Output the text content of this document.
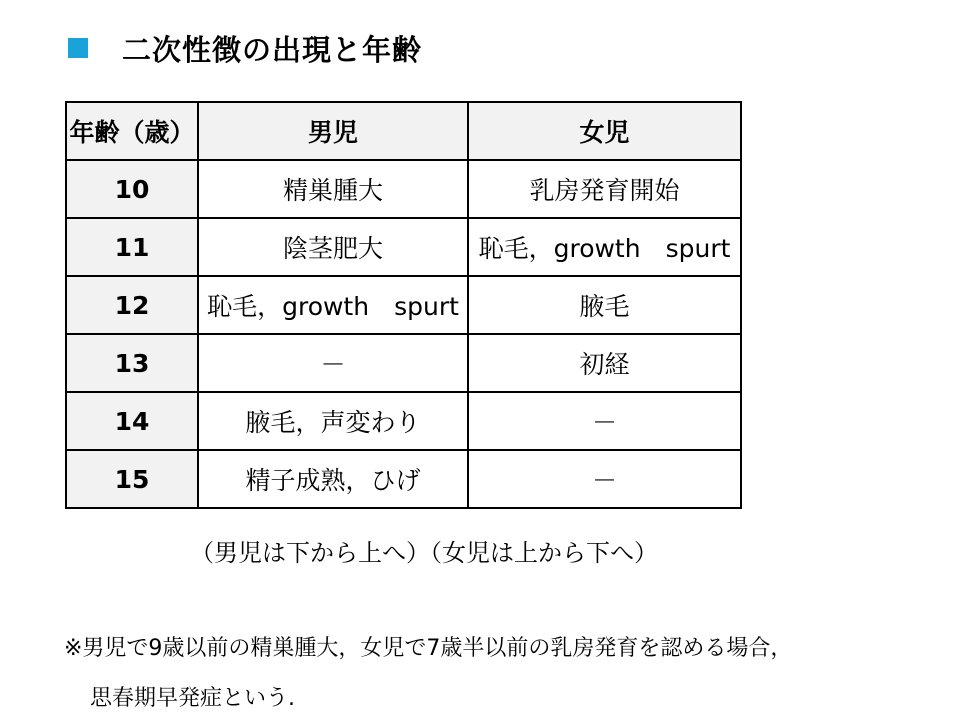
二次性徴の出現と年齢
年齢（歳）	男児	女児
10	精巣腫大	乳房発育開始
11	陰茎肥大	恥毛，growth　spurt
12	恥毛，growth　spurt	腋毛
13	－	初経
14	腋毛，声変わり	－
15	精子成熟，ひげ	－
（男児は下から上へ）（女児は上から下へ）
※男児で9歳以前の精巣腫大，女児で7歳半以前の乳房発育を認める場合，
思春期早発症という.
